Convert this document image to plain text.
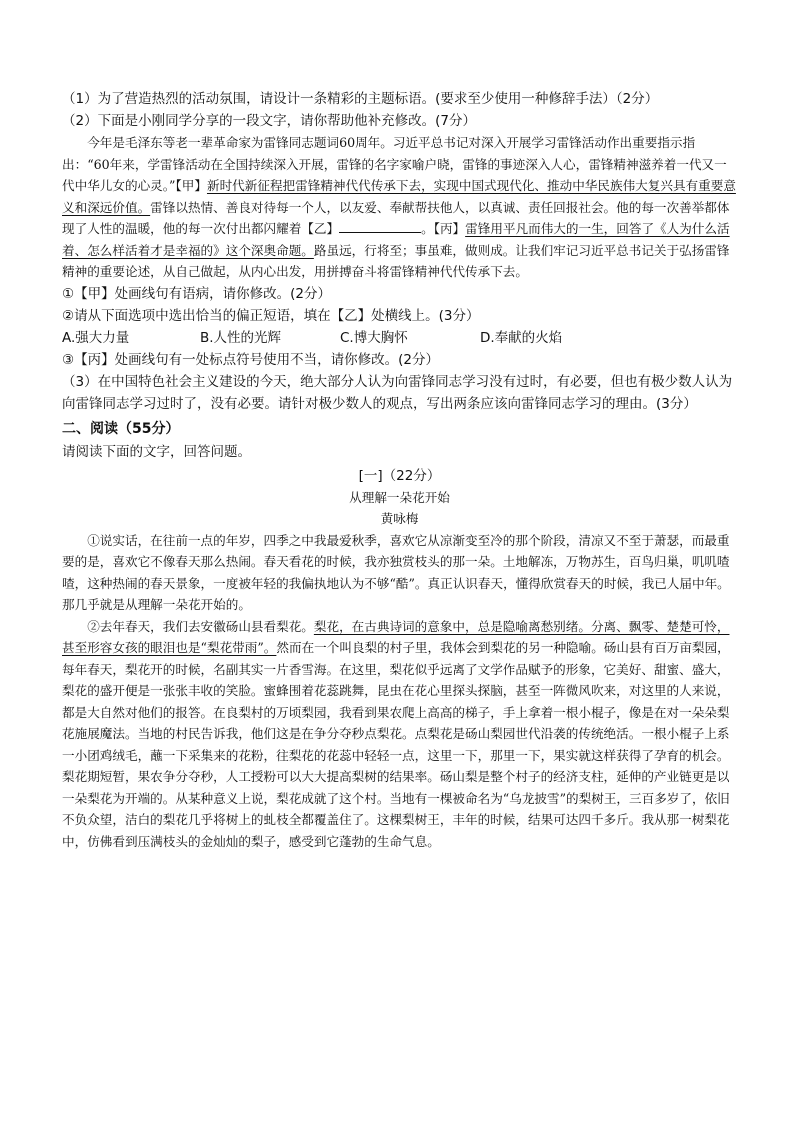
（1）为了营造热烈的活动氛围，请设计一条精彩的主题标语。(要求至少使用一种修辞手法）（2分）

（2）下面是小刚同学分享的一段文字，请你帮助他补充修改。(7分）

今年是毛泽东等老一辈革命家为雷锋同志题词60周年。习近平总书记对深入开展学习雷锋活动作出重要指示指出：“60年来，学雷锋活动在全国持续深入开展，雷锋的名字家喻户晓，雷锋的事迹深入人心，雷锋精神滋养着一代又一代中华儿女的心灵。”【甲】新时代新征程把雷锋精神代代传承下去，实现中国式现代化、推动中华民族伟大复兴具有重要意义和深远价值。雷锋以热情、善良对待每一个人，以友爱、奉献帮扶他人，以真诚、责任回报社会。他的每一次善举都体现了人性的温暖，他的每一次付出都闪耀着【乙】	。【丙】雷锋用平凡而伟大的一生，回答了《人为什么活着、怎么样活着才是幸福的》这个深奥命题。路虽远，行将至；事虽难，做则成。让我们牢记习近平总书记关于弘扬雷锋精神的重要论述，从自己做起，从内心出发，用拼搏奋斗将雷锋精神代代传承下去。

①【甲】处画线句有语病，请你修改。(2分）

②请从下面选项中选出恰当的偏正短语，填在【乙】处横线上。(3分）

A.强大力量	B.人性的光辉	C.博大胸怀	D.奉献的火焰

③【丙】处画线句有一处标点符号使用不当，请你修改。(2分）

（3）在中国特色社会主义建设的今天，绝大部分人认为向雷锋同志学习没有过时，有必要，但也有极少数人认为向雷锋同志学习过时了，没有必要。请针对极少数人的观点，写出两条应该向雷锋同志学习的理由。(3分）

二、阅读（55分）

请阅读下面的文字，回答问题。

[一]（22分）

从理解一朵花开始

黄咏梅

①说实话，在往前一点的年岁，四季之中我最爱秋季，喜欢它从凉渐变至冷的那个阶段，清凉又不至于萧瑟，而最重要的是，喜欢它不像春天那么热闹。春天看花的时候，我亦独赏枝头的那一朵。土地解冻，万物苏生，百鸟归巢，叽叽喳喳，这种热闹的春天景象，一度被年轻的我偏执地认为不够“酷”。真正认识春天，懂得欣赏春天的时候，我已人届中年。那几乎就是从理解一朵花开始的。

②去年春天，我们去安徽砀山县看梨花。梨花，在古典诗词的意象中，总是隐喻离愁别绪。分离、飘零、楚楚可怜，甚至形容女孩的眼泪也是“梨花带雨”。然而在一个叫良梨的村子里，我体会到梨花的另一种隐喻。砀山县有百万亩梨园，每年春天，梨花开的时候，名副其实一片香雪海。在这里，梨花似乎远离了文学作品赋予的形象，它美好、甜蜜、盛大，梨花的盛开便是一张张丰收的笑脸。蜜蜂围着花蕊跳舞，昆虫在花心里探头探脑，甚至一阵微风吹来，对这里的人来说，都是大自然对他们的报答。在良梨村的万顷梨园，我看到果农爬上高高的梯子，手上拿着一根小棍子，像是在对一朵朵梨花施展魔法。当地的村民告诉我，他们这是在争分夺秒点梨花。点梨花是砀山梨园世代沿袭的传统绝活。一根小棍子上系一小团鸡绒毛，蘸一下采集来的花粉，往梨花的花蕊中轻轻一点，这里一下，那里一下，果实就这样获得了孕育的机会。梨花期短暂，果农争分夺秒，人工授粉可以大大提高梨树的结果率。砀山梨是整个村子的经济支柱，延伸的产业链更是以一朵梨花为开端的。从某种意义上说，梨花成就了这个村。当地有一棵被命名为“乌龙披雪”的梨树王，三百多岁了，依旧不负众望，洁白的梨花几乎将树上的虬枝全都覆盖住了。这棵梨树王，丰年的时候，结果可达四千多斤。我从那一树梨花中，仿佛看到压满枝头的金灿灿的梨子，感受到它蓬勃的生命气息。
